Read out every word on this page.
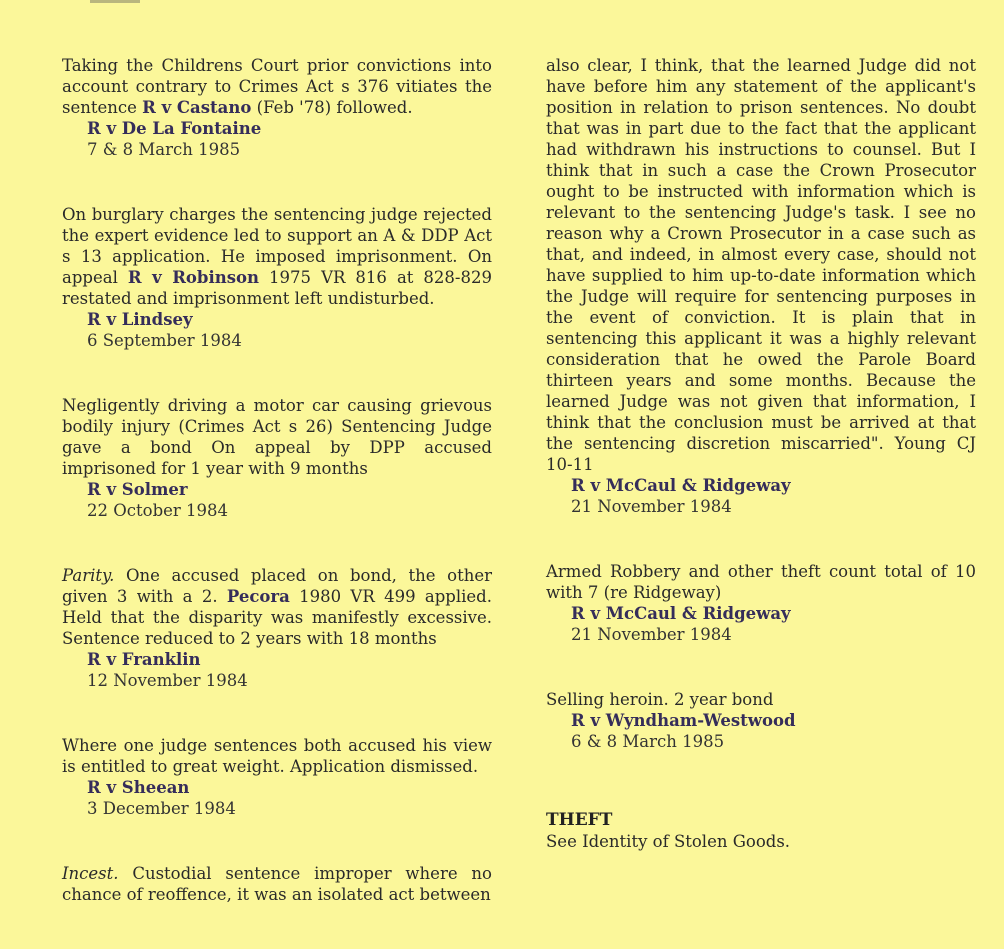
Taking the Childrens Court prior convictions into account contrary to Crimes Act s 376 vitiates the sentence R v Castano (Feb '78) followed.

R v De La Fontaine
7 & 8 March 1985

On burglary charges the sentencing judge rejected the expert evidence led to support an A & DDP Act s 13 application. He imposed imprisonment. On appeal R v Robinson 1975 VR 816 at 828-829 restated and imprisonment left undisturbed.

R v Lindsey
6 September 1984

Negligently driving a motor car causing grievous bodily injury (Crimes Act s 26) Sentencing Judge gave a bond On appeal by DPP accused imprisoned for 1 year with 9 months

R v Solmer
22 October 1984

Parity. One accused placed on bond, the other given 3 with a 2. Pecora 1980 VR 499 applied. Held that the disparity was manifestly excessive. Sentence reduced to 2 years with 18 months

R v Franklin
12 November 1984

Where one judge sentences both accused his view is entitled to great weight. Application dismissed.

R v Sheean
3 December 1984

Incest. Custodial sentence improper where no chance of reoffence, it was an isolated act between

also clear, I think, that the learned Judge did not have before him any statement of the applicant's position in relation to prison sentences. No doubt that was in part due to the fact that the applicant had withdrawn his instructions to counsel. But I think that in such a case the Crown Prosecutor ought to be instructed with information which is relevant to the sentencing Judge's task. I see no reason why a Crown Prosecutor in a case such as that, and indeed, in almost every case, should not have supplied to him up-to-date information which the Judge will require for sentencing purposes in the event of conviction. It is plain that in sentencing this applicant it was a highly relevant consideration that he owed the Parole Board thirteen years and some months. Because the learned Judge was not given that information, I think that the conclusion must be arrived at that the sentencing discretion miscarried". Young CJ 10-11

R v McCaul & Ridgeway
21 November 1984

Armed Robbery and other theft count total of 10 with 7 (re Ridgeway)

R v McCaul & Ridgeway
21 November 1984

Selling heroin. 2 year bond

R v Wyndham-Westwood
6 & 8 March 1985

THEFT

See Identity of Stolen Goods.
